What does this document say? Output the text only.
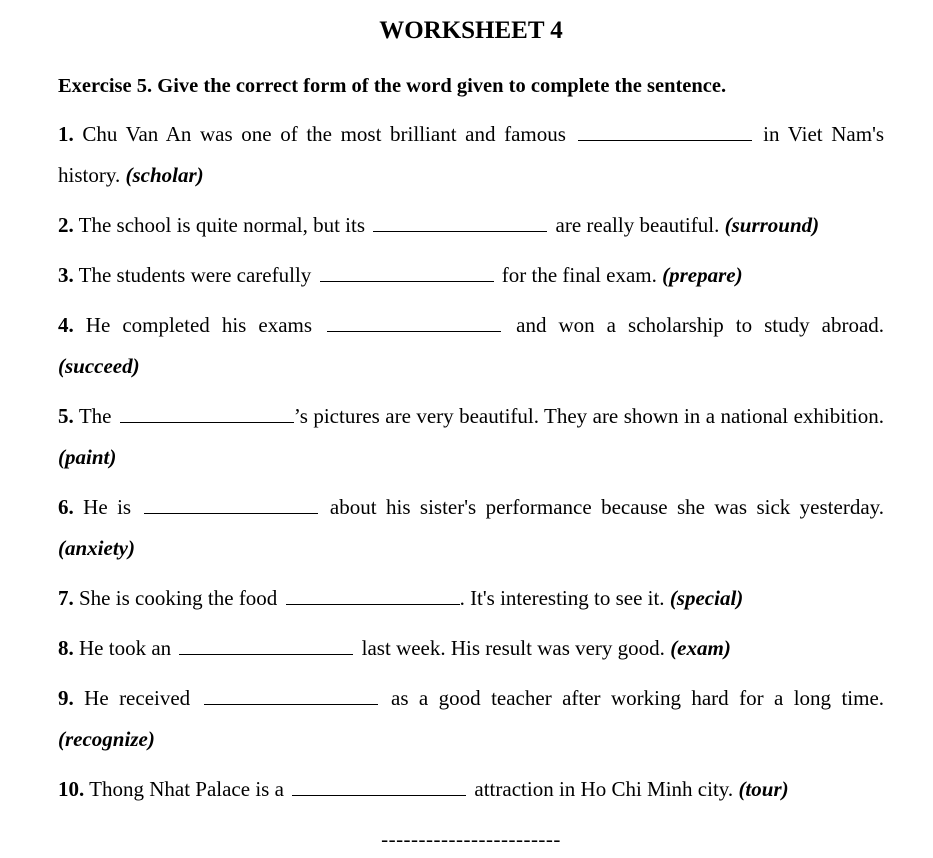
WORKSHEET 4

Exercise 5. Give the correct form of the word given to complete the sentence.

1. Chu Van An was one of the most brilliant and famous	in Viet Nam's history. (scholar)

2. The school is quite normal, but its	are really beautiful. (surround)

3. The students were carefully	for the final exam. (prepare)

4. He completed his exams	and won a scholarship to study abroad. (succeed)

5. The	’s pictures are very beautiful. They are shown in a national exhibition. (paint)

6. He is	about his sister's performance because she was sick yesterday. (anxiety)

7. She is cooking the food	. It's interesting to see it. (special)

8. He took an	last week. His result was very good. (exam)

9. He received	as a good teacher after working hard for a long time. (recognize)

10. Thong Nhat Palace is a	attraction in Ho Chi Minh city. (tour)

------------------------
